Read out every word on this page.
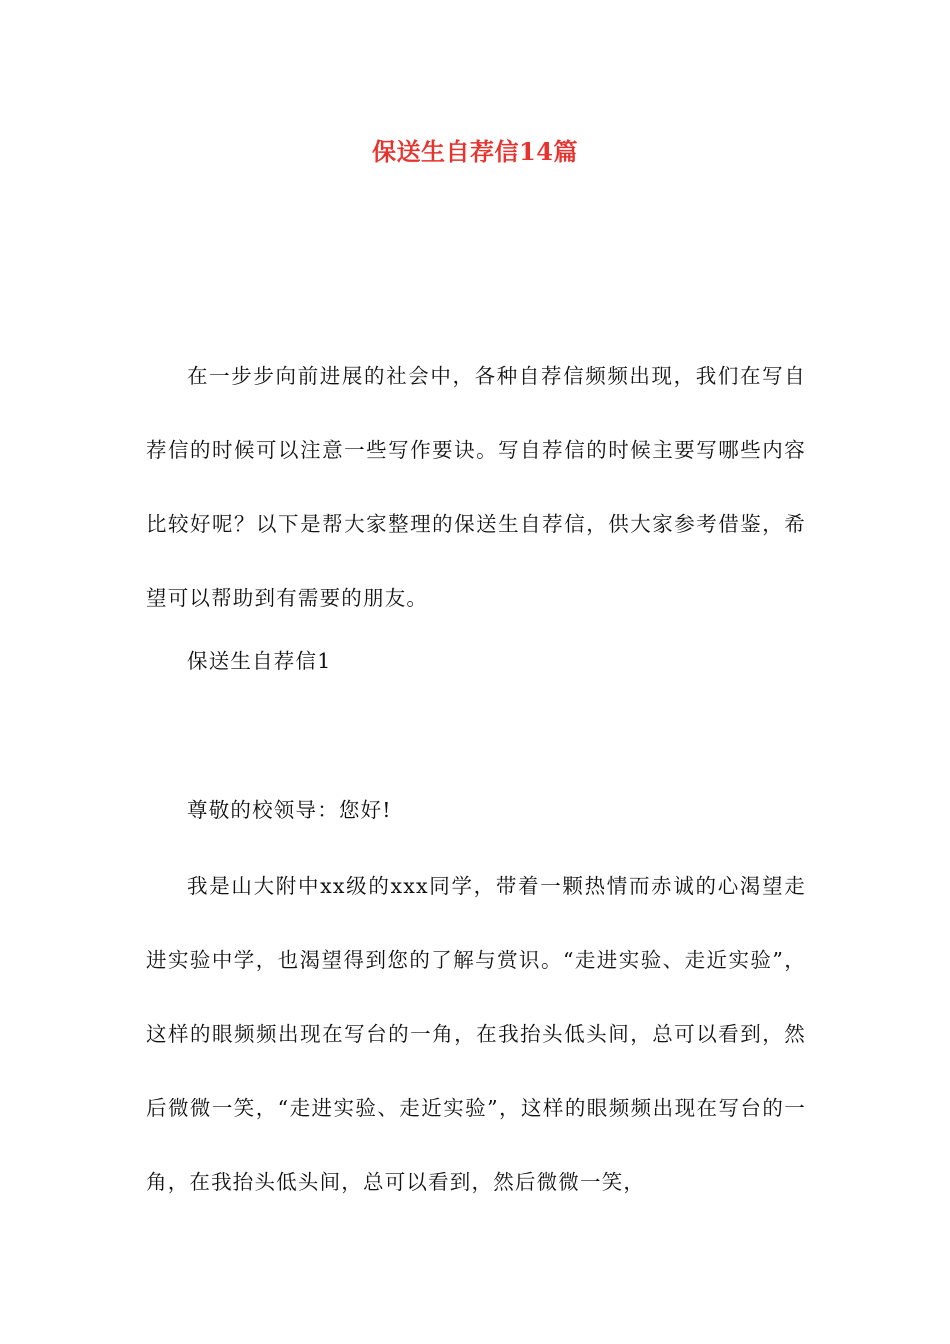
保送生自荐信14篇

在一步步向前进展的社会中，各种自荐信频频出现，我们在写自荐信的时候可以注意一些写作要诀。写自荐信的时候主要写哪些内容比较好呢？以下是帮大家整理的保送生自荐信，供大家参考借鉴，希望可以帮助到有需要的朋友。

保送生自荐信1

尊敬的校领导：您好!

我是山大附中xx级的xxx同学，带着一颗热情而赤诚的心渴望走进实验中学，也渴望得到您的了解与赏识。“走进实验、走近实验”，这样的眼频频出现在写台的一角，在我抬头低头间，总可以看到，然后微微一笑，“走进实验、走近实验”，这样的眼频频出现在写台的一角，在我抬头低头间，总可以看到，然后微微一笑，
